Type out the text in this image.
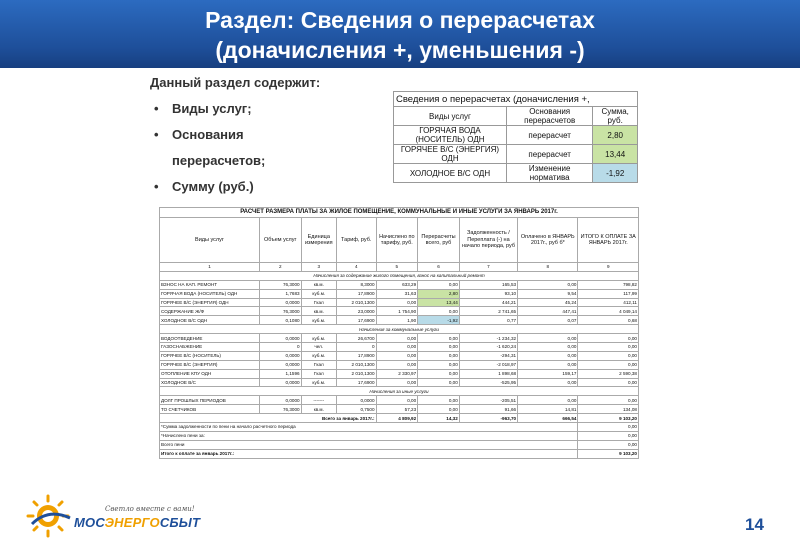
Раздел: Сведения о перерасчетах
(доначисления +, уменьшения -)
Данный раздел содержит:
• Виды услуг;
• Основания перерасчетов;
• Сумму (руб.)
Сведения о перерасчетах (доначисления +,		
Виды услуг	Основания перерасчетов	Сумма, руб.
ГОРЯЧАЯ ВОДА (НОСИТЕЛЬ) ОДН	перерасчет	2,80
ГОРЯЧЕЕ В/С (ЭНЕРГИЯ) ОДН	перерасчет	13,44
ХОЛОДНОЕ В/С ОДН	Изменение норматива	-1,92
РАСЧЕТ РАЗМЕРА ПЛАТЫ ЗА ЖИЛОЕ ПОМЕЩЕНИЕ, КОММУНАЛЬНЫЕ И ИНЫЕ УСЛУГИ ЗА ЯНВАРЬ 2017г.								
Виды услуг	Объем услуг	Единица измерения	Тариф, руб.	Начислено по тарифу, руб.	Перерасчеты всего, руб	Задолженность / Переплата (-) на начало периода, руб	Оплачено в ЯНВАРЬ 2017г., руб б*	ИТОГО К ОПЛАТЕ ЗА ЯНВАРЬ 2017г.
1	2	3	4	5	6	7	8	9
Начисления за содержание жилого помещения, взнос на капитальный ремонт								
ВЗНОС НА КАП. РЕМОНТ	76,3000	кв.м.	8,3000	633,29	0,00	165,53	0,00	798,82
ГОРЯЧАЯ ВОДА (НОСИТЕЛЬ) ОДН	1,7683	куб.м.	17,8900	31,63	2,80	93,10	9,54	117,99
ГОРЯЧЕЕ В/С (ЭНЕРГИЯ) ОДН	0,0000	Гкал	2 010,1300	0,00	13,44	444,21	45,24	412,11
СОДЕРЖАНИЕ Ж/Ф	76,3000	кв.м.	23,0000	1 754,90	0,00	2 741,65	447,41	4 049,14
ХОЛОДНОЕ В/С ОДН	0,1080	куб.м.	17,6900	1,90	-1,92	0,77	0,07	0,68
Начисления за коммунальные услуги								
ВОДООТВЕДЕНИЕ	0,0000	куб.м.	26,6700	0,00	0,00	-1 234,32	0,00	0,00
ГАЗОСНАБЖЕНИЕ	0	чел.	0	0,00	0,00	-1 620,24	0,00	0,00
ГОРЯЧЕЕ В/С (НОСИТЕЛЬ)	0,0000	куб.м.	17,8900	0,00	0,00	-294,31	0,00	0,00
ГОРЯЧЕЕ В/С (ЭНЕРГИЯ)	0,0000	Гкал	2 010,1300	0,00	0,00	-2 018,97	0,00	0,00
ОТОПЛЕНИЕ КПУ ОДН	1,1596	Гкал	2 010,1300	2 330,97	0,00	1 898,68	159,17	2 590,38
ХОЛОДНОЕ В/С	0,0000	куб.м.	17,6900	0,00	0,00	-525,95	0,00	0,00
Начисления за иные услуги								
ДОЛГ ПРОШЛЫХ ПЕРИОДОВ	0,0000	-------	0,0000	0,00	0,00	-205,51	0,00	0,00
ТО СЧЕТЧИКОВ	76,3000	кв.м.	0,7500	57,23	0,00	91,66	14,81	134,08
Всего за январь 2017г.:				4 809,92	14,32	-963,70	666,54	9 103,20
*Сумма задолженности по пени на начало расчетного периода								0,00
*Начислено пени за:								0,00
Всего пени								0,00
Итого к оплате за январь 2017г.:								9 103,20
Светло вместе с вами!
МОСЭНЕРГОСБЫТ	14
